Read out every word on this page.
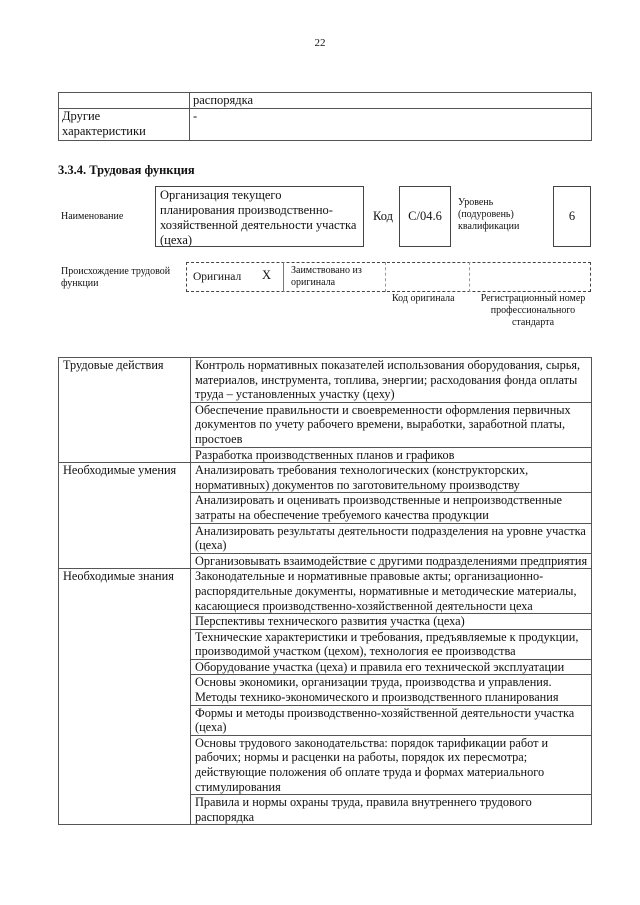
22
	распорядка
Другие характеристики	-
3.3.4. Трудовая функция
Наименование
Организация текущего планирования производственно-хозяйственной деятельности участка (цеха)
Код C/04.6
Уровень (подуровень) квалификации
6
Происхождение трудовой функции
Оригинал X Заимствовано из оригинала
Код оригинала	Регистрационный номер профессионального стандарта
Трудовые действия	Контроль нормативных показателей использования оборудования, сырья, материалов, инструмента, топлива, энергии; расходования фонда оплаты труда – установленных участку (цеху)
	Обеспечение правильности и своевременности оформления первичных документов по учету рабочего времени, выработки, заработной платы, простоев
	Разработка производственных планов и графиков
Необходимые умения	Анализировать требования технологических (конструкторских, нормативных) документов по заготовительному производству
	Анализировать и оценивать производственные и непроизводственные затраты на обеспечение требуемого качества продукции
	Анализировать результаты деятельности подразделения на уровне участка (цеха)
	Организовывать взаимодействие с другими подразделениями предприятия
Необходимые знания	Законодательные и нормативные правовые акты; организационно-распорядительные документы, нормативные и методические материалы, касающиеся производственно-хозяйственной деятельности цеха
	Перспективы технического развития участка (цеха)
	Технические характеристики и требования, предъявляемые к продукции, производимой участком (цехом), технология ее производства
	Оборудование участка (цеха) и правила его технической эксплуатации
	Основы экономики, организации труда, производства и управления. Методы технико-экономического и производственного планирования
	Формы и методы производственно-хозяйственной деятельности участка (цеха)
	Основы трудового законодательства: порядок тарификации работ и рабочих; нормы и расценки на работы, порядок их пересмотра; действующие положения об оплате труда и формах материального стимулирования
	Правила и нормы охраны труда, правила внутреннего трудового распорядка
